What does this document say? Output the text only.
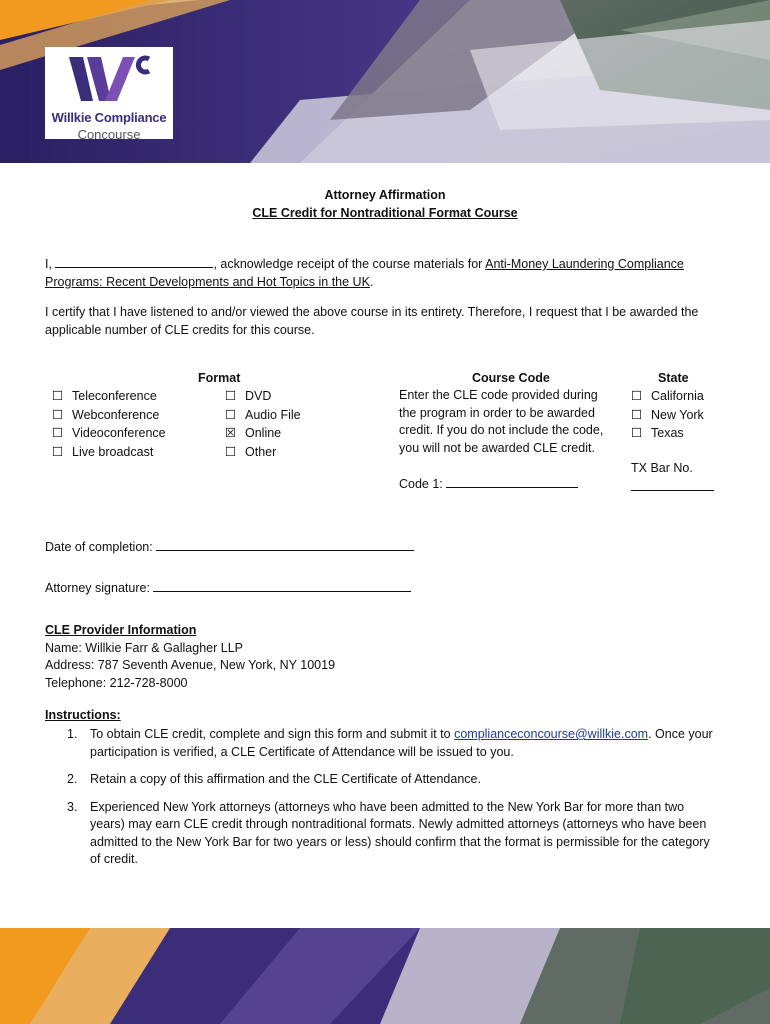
Willkie Compliance
Concourse
Attorney Affirmation
CLE Credit for Nontraditional Format Course
I,	, acknowledge receipt of the course materials for Anti-Money Laundering Compliance
Programs: Recent Developments and Hot Topics in the UK.
I certify that I have listened to and/or viewed the above course in its entirety. Therefore, I request that I be awarded the
applicable number of CLE credits for this course.
Format
☐ Teleconference
☐ Webconference
☐ Videoconference
☐ Live broadcast
☐ DVD
☐ Audio File
☒ Online
☐ Other
Course Code
Enter the CLE code provided during
the program in order to be awarded
credit. If you do not include the code,
you will not be awarded CLE credit.
Code 1:
State
☐ California
☐ New York
☐ Texas
TX Bar No.
Date of completion:
Attorney signature:
CLE Provider Information
Name: Willkie Farr & Gallagher LLP
Address: 787 Seventh Avenue, New York, NY 10019
Telephone: 212-728-8000
Instructions:
1. To obtain CLE credit, complete and sign this form and submit it to complianceconcourse@willkie.com. Once your participation is verified, a CLE Certificate of Attendance will be issued to you.
2. Retain a copy of this affirmation and the CLE Certificate of Attendance.
3. Experienced New York attorneys (attorneys who have been admitted to the New York Bar for more than two years) may earn CLE credit through nontraditional formats. Newly admitted attorneys (attorneys who have been admitted to the New York Bar for two years or less) should confirm that the format is permissible for the category of credit.
